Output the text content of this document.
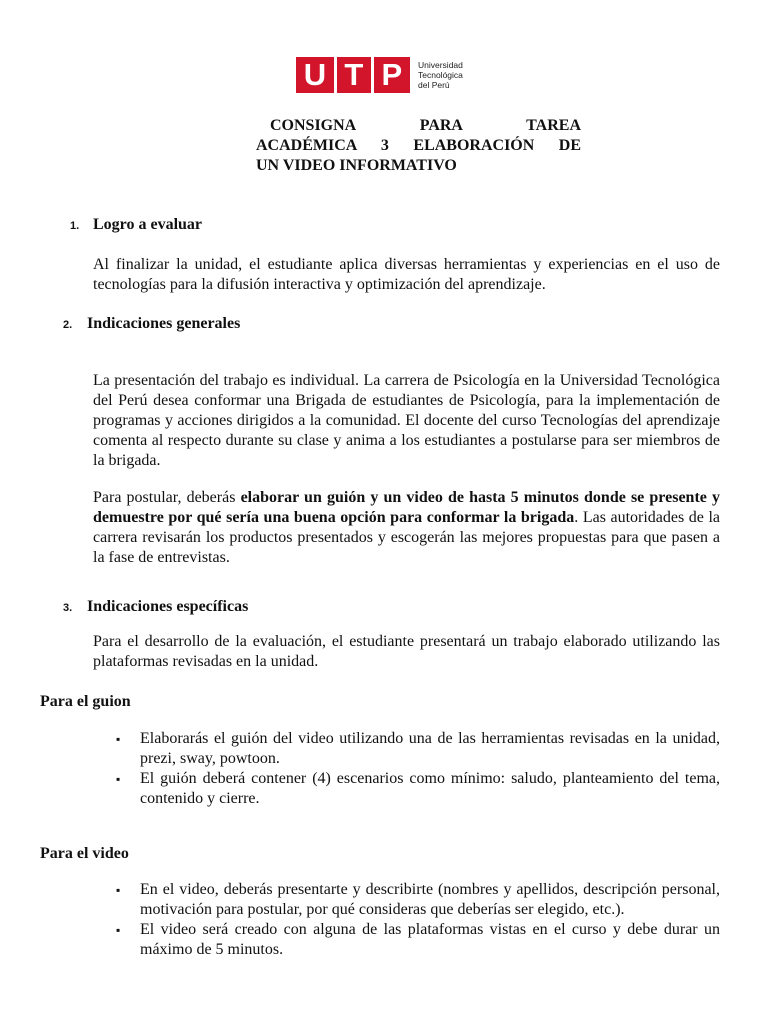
U T P Universidad
Tecnológica
del Perú
CONSIGNA PARA TAREA
ACADÉMICA 3 ELABORACIÓN DE
UN VIDEO INFORMATIVO
1. Logro a evaluar
Al finalizar la unidad, el estudiante aplica diversas herramientas y experiencias en el uso de tecnologías para la difusión interactiva y optimización del aprendizaje.
2. Indicaciones generales
La presentación del trabajo es individual. La carrera de Psicología en la Universidad Tecnológica del Perú desea conformar una Brigada de estudiantes de Psicología, para la implementación de programas y acciones dirigidos a la comunidad. El docente del curso Tecnologías del aprendizaje comenta al respecto durante su clase y anima a los estudiantes a postularse para ser miembros de la brigada.
Para postular, deberás elaborar un guión y un video de hasta 5 minutos donde se presente y demuestre por qué sería una buena opción para conformar la brigada. Las autoridades de la carrera revisarán los productos presentados y escogerán las mejores propuestas para que pasen a la fase de entrevistas.
3. Indicaciones específicas
Para el desarrollo de la evaluación, el estudiante presentará un trabajo elaborado utilizando las plataformas revisadas en la unidad.
Para el guion
▪ Elaborarás el guión del video utilizando una de las herramientas revisadas en la unidad, prezi, sway, powtoon.
▪ El guión deberá contener (4) escenarios como mínimo: saludo, planteamiento del tema, contenido y cierre.
Para el video
▪ En el video, deberás presentarte y describirte (nombres y apellidos, descripción personal, motivación para postular, por qué consideras que deberías ser elegido, etc.).
▪ El video será creado con alguna de las plataformas vistas en el curso y debe durar un máximo de 5 minutos.
